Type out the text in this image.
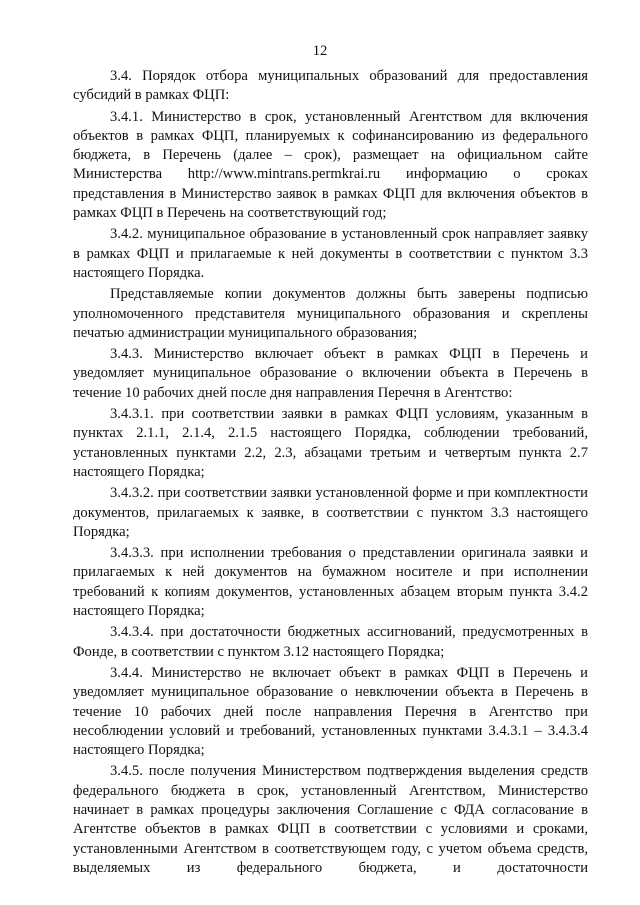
12

3.4. Порядок отбора муниципальных образований для предоставления субсидий в рамках ФЦП:

3.4.1. Министерство в срок, установленный Агентством для включения объектов в рамках ФЦП, планируемых к софинансированию из федерального бюджета, в Перечень (далее – срок), размещает на официальном сайте Министерства http://www.mintrans.permkrai.ru информацию о сроках представления в Министерство заявок в рамках ФЦП для включения объектов в рамках ФЦП в Перечень на соответствующий год;

3.4.2. муниципальное образование в установленный срок направляет заявку в рамках ФЦП и прилагаемые к ней документы в соответствии с пунктом 3.3 настоящего Порядка.

Представляемые копии документов должны быть заверены подписью уполномоченного представителя муниципального образования и скреплены печатью администрации муниципального образования;

3.4.3. Министерство включает объект в рамках ФЦП в Перечень и уведомляет муниципальное образование о включении объекта в Перечень в течение 10 рабочих дней после дня направления Перечня в Агентство:

3.4.3.1. при соответствии заявки в рамках ФЦП условиям, указанным в пунктах 2.1.1, 2.1.4, 2.1.5 настоящего Порядка, соблюдении требований, установленных пунктами 2.2, 2.3, абзацами третьим и четвертым пункта 2.7 настоящего Порядка;

3.4.3.2. при соответствии заявки установленной форме и при комплектности документов, прилагаемых к заявке, в соответствии с пунктом 3.3 настоящего Порядка;

3.4.3.3. при исполнении требования о представлении оригинала заявки и прилагаемых к ней документов на бумажном носителе и при исполнении требований к копиям документов, установленных абзацем вторым пункта 3.4.2 настоящего Порядка;

3.4.3.4. при достаточности бюджетных ассигнований, предусмотренных в Фонде, в соответствии с пунктом 3.12 настоящего Порядка;

3.4.4. Министерство не включает объект в рамках ФЦП в Перечень и уведомляет муниципальное образование о невключении объекта в Перечень в течение 10 рабочих дней после направления Перечня в Агентство при несоблюдении условий и требований, установленных пунктами 3.4.3.1 – 3.4.3.4 настоящего Порядка;

3.4.5. после получения Министерством подтверждения выделения средств федерального бюджета в срок, установленный Агентством, Министерство начинает в рамках процедуры заключения Соглашение с ФДА согласование в Агентстве объектов в рамках ФЦП в соответствии с условиями и сроками, установленными Агентством в соответствующем году, с учетом объема средств, выделяемых из федерального бюджета, и достаточности
